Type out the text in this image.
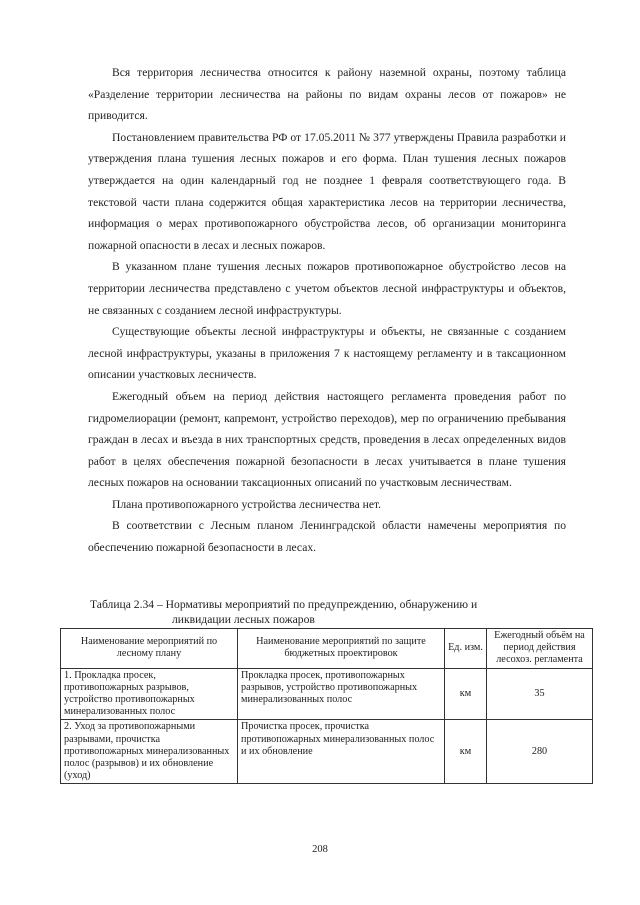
Вся территория лесничества относится к району наземной охраны, поэтому таблица «Разделение территории лесничества на районы по видам охраны лесов от пожаров» не приводится.

Постановлением правительства РФ от 17.05.2011 № 377 утверждены Правила разработки и утверждения плана тушения лесных пожаров и его форма. План тушения лесных пожаров утверждается на один календарный год не позднее 1 февраля соответствующего года. В текстовой части плана содержится общая характеристика лесов на территории лесничества, информация о мерах противопожарного обустройства лесов, об организации мониторинга пожарной опасности в лесах и лесных пожаров.

В указанном плане тушения лесных пожаров противопожарное обустройство лесов на территории лесничества представлено с учетом объектов лесной инфраструктуры и объектов, не связанных с созданием лесной инфраструктуры.

Существующие объекты лесной инфраструктуры и объекты, не связанные с созданием лесной инфраструктуры, указаны в приложения 7 к настоящему регламенту и в таксационном описании участковых лесничеств.

Ежегодный объем на период действия настоящего регламента проведения работ по гидромелиорации (ремонт, капремонт, устройство переходов), мер по ограничению пребывания граждан в лесах и въезда в них транспортных средств, проведения в лесах определенных видов работ в целях обеспечения пожарной безопасности в лесах учитывается в плане тушения лесных пожаров на основании таксационных описаний по участковым лесничествам.

Плана противопожарного устройства лесничества нет.

В соответствии с Лесным планом Ленинградской области намечены мероприятия по обеспечению пожарной безопасности в лесах.

Таблица 2.34 – Нормативы мероприятий по предупреждению, обнаружению и
ликвидации лесных пожаров
Наименование мероприятий по лесному плану	Наименование мероприятий по защите бюджетных проектировок	Ед. изм.	Ежегодный объём на период действия лесохоз. регламента
1. Прокладка просек, противопожарных разрывов, устройство противопожарных минерализованных полос	Прокладка просек, противопожарных разрывов, устройство противопожарных минерализованных полос	км	35
2. Уход за противопожарными разрывами, прочистка противопожарных минерализованных полос (разрывов) и их обновление (уход)	Прочистка просек, прочистка противопожарных минерализованных полос и их обновление	км	280
208
